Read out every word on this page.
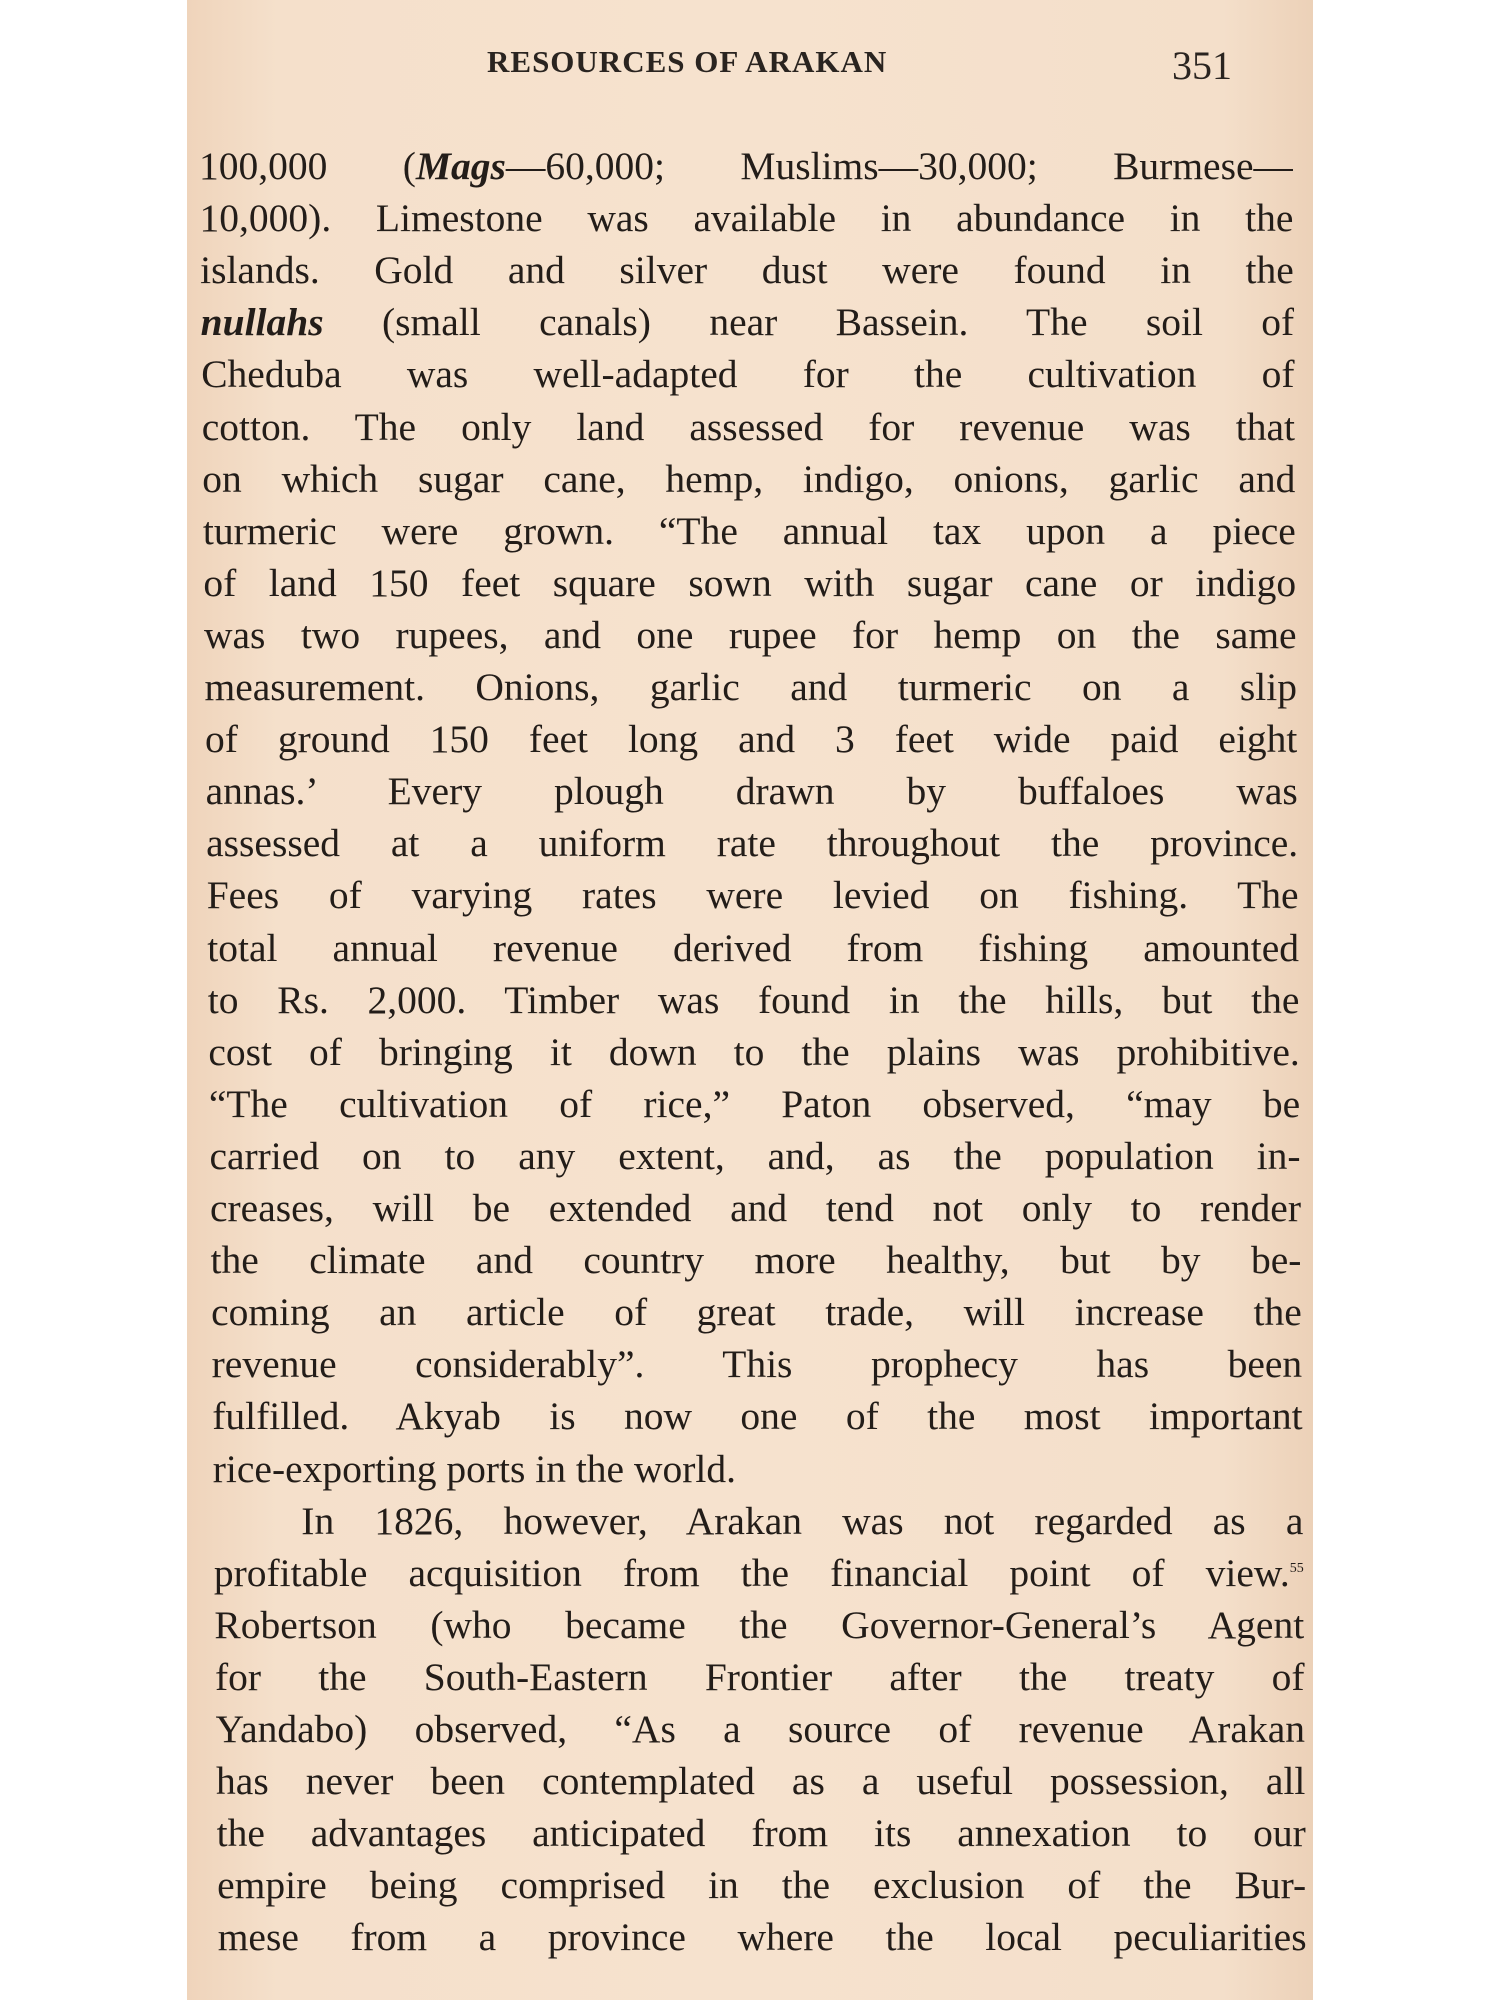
RESOURCES OF ARAKAN	351
100,000 (Mags—60,000; Muslims—30,000; Burmese—
10,000). Limestone was available in abundance in the
islands. Gold and silver dust were found in the
nullahs (small canals) near Bassein. The soil of
Cheduba was well-adapted for the cultivation of
cotton. The only land assessed for revenue was that
on which sugar cane, hemp, indigo, onions, garlic and
turmeric were grown. “The annual tax upon a piece
of land 150 feet square sown with sugar cane or indigo
was two rupees, and one rupee for hemp on the same
measurement. Onions, garlic and turmeric on a slip
of ground 150 feet long and 3 feet wide paid eight
annas.’ Every plough drawn by buffaloes was
assessed at a uniform rate throughout the province.
Fees of varying rates were levied on fishing. The
total annual revenue derived from fishing amounted
to Rs. 2,000. Timber was found in the hills, but the
cost of bringing it down to the plains was prohibitive.
“The cultivation of rice,” Paton observed, “may be
carried on to any extent, and, as the population in-
creases, will be extended and tend not only to render
the climate and country more healthy, but by be-
coming an article of great trade, will increase the
revenue considerably”. This prophecy has been
fulfilled. Akyab is now one of the most important
rice-exporting ports in the world.
In 1826, however, Arakan was not regarded as a
profitable acquisition from the financial point of view.$^{55}$
Robertson (who became the Governor-General’s Agent
for the South-Eastern Frontier after the treaty of
Yandabo) observed, “As a source of revenue Arakan
has never been contemplated as a useful possession, all
the advantages anticipated from its annexation to our
empire being comprised in the exclusion of the Bur-
mese from a province where the local peculiarities
